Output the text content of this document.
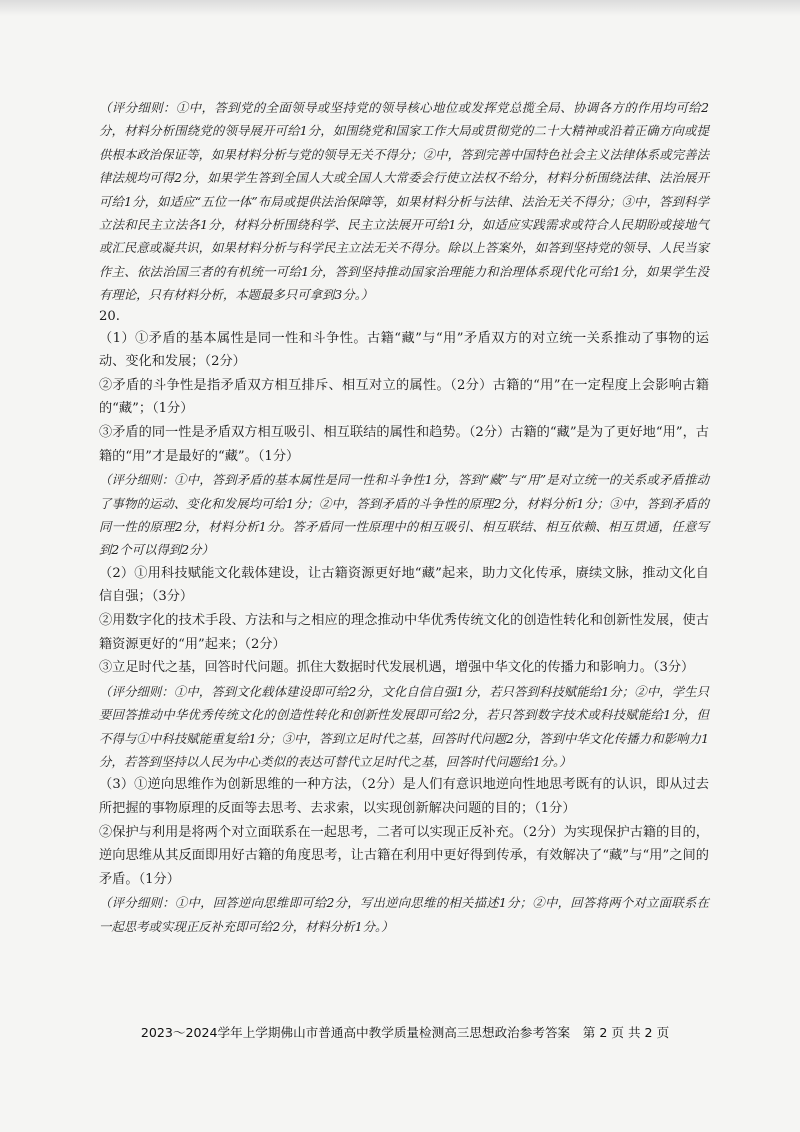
（评分细则：①中，答到党的全面领导或坚持党的领导核心地位或发挥党总揽全局、协调各方的作用均可给2分，材料分析围绕党的领导展开可给1分，如围绕党和国家工作大局或贯彻党的二十大精神或沿着正确方向或提供根本政治保证等，如果材料分析与党的领导无关不得分；②中，答到完善中国特色社会主义法律体系或完善法律法规均可得2分，如果学生答到全国人大或全国人大常委会行使立法权不给分，材料分析围绕法律、法治展开可给1分，如适应“五位一体”布局或提供法治保障等，如果材料分析与法律、法治无关不得分；③中，答到科学立法和民主立法各1分，材料分析围绕科学、民主立法展开可给1分，如适应实践需求或符合人民期盼或接地气或汇民意或凝共识，如果材料分析与科学民主立法无关不得分。除以上答案外，如答到坚持党的领导、人民当家作主、依法治国三者的有机统一可给1分，答到坚持推动国家治理能力和治理体系现代化可给1分，如果学生没有理论，只有材料分析，本题最多只可拿到3分。）

20.

（1）①矛盾的基本属性是同一性和斗争性。古籍“藏”与“用”矛盾双方的对立统一关系推动了事物的运动、变化和发展；（2分）

②矛盾的斗争性是指矛盾双方相互排斥、相互对立的属性。（2分）古籍的“用”在一定程度上会影响古籍的“藏”；（1分）

③矛盾的同一性是矛盾双方相互吸引、相互联结的属性和趋势。（2分）古籍的“藏”是为了更好地“用”，古籍的“用”才是最好的“藏”。（1分）

（评分细则：①中，答到矛盾的基本属性是同一性和斗争性1分，答到“藏”与“用”是对立统一的关系或矛盾推动了事物的运动、变化和发展均可给1分；②中，答到矛盾的斗争性的原理2分，材料分析1分；③中，答到矛盾的同一性的原理2分，材料分析1分。答矛盾同一性原理中的相互吸引、相互联结、相互依赖、相互贯通，任意写到2个可以得到2分）

（2）①用科技赋能文化载体建设，让古籍资源更好地“藏”起来，助力文化传承，赓续文脉，推动文化自信自强；（3分）

②用数字化的技术手段、方法和与之相应的理念推动中华优秀传统文化的创造性转化和创新性发展，使古籍资源更好的“用”起来；（2分）

③立足时代之基，回答时代问题。抓住大数据时代发展机遇，增强中华文化的传播力和影响力。（3分）

（评分细则：①中，答到文化载体建设即可给2分，文化自信自强1分，若只答到科技赋能给1分；②中，学生只要回答推动中华优秀传统文化的创造性转化和创新性发展即可给2分，若只答到数字技术或科技赋能给1分，但不得与①中科技赋能重复给1分；③中，答到立足时代之基，回答时代问题2分，答到中华文化传播力和影响力1分，若答到坚持以人民为中心类似的表达可替代立足时代之基，回答时代问题给1分。）

（3）①逆向思维作为创新思维的一种方法，（2分）是人们有意识地逆向性地思考既有的认识，即从过去所把握的事物原理的反面等去思考、去求索，以实现创新解决问题的目的；（1分）

②保护与利用是将两个对立面联系在一起思考，二者可以实现正反补充。（2分）为实现保护古籍的目的，逆向思维从其反面即用好古籍的角度思考，让古籍在利用中更好得到传承，有效解决了“藏”与“用”之间的矛盾。（1分）

（评分细则：①中，回答逆向思维即可给2分，写出逆向思维的相关描述1分；②中，回答将两个对立面联系在一起思考或实现正反补充即可给2分，材料分析1分。）

2023～2024学年上学期佛山市普通高中教学质量检测高三思想政治参考答案　第 2 页 共 2 页
